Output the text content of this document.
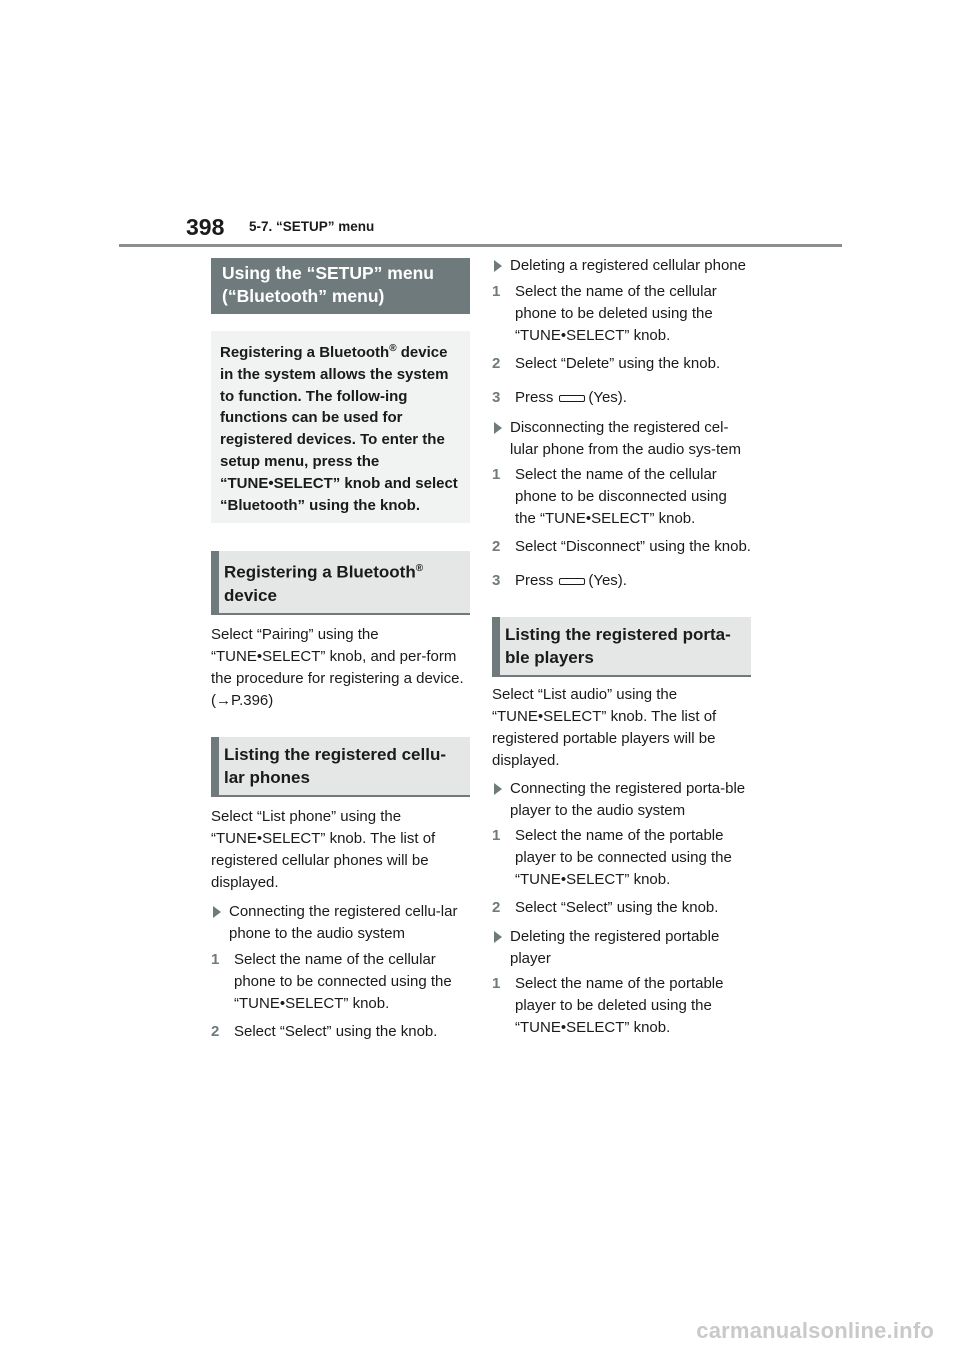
398 5-7. “SETUP” menu
Using the “SETUP” menu (“Bluetooth” menu)
Registering a Bluetooth® device in the system allows the system to function. The follow-ing functions can be used for registered devices. To enter the setup menu, press the “TUNE•SELECT” knob and select “Bluetooth” using the knob.
Registering a Bluetooth® device

Select “Pairing” using the “TUNE•SELECT” knob, and per-form the procedure for registering a device. (→P.396)

Listing the registered cellu-lar phones

Select “List phone” using the “TUNE•SELECT” knob. The list of registered cellular phones will be displayed.

Connecting the registered cellu-lar phone to the audio system
1 Select the name of the cellular phone to be connected using the “TUNE•SELECT” knob.
2 Select “Select” using the knob.
Deleting a registered cellular phone
1 Select the name of the cellular phone to be deleted using the “TUNE•SELECT” knob.
2 Select “Delete” using the knob.
3 Press (Yes).
Disconnecting the registered cel-lular phone from the audio sys-tem
1 Select the name of the cellular phone to be disconnected using the “TUNE•SELECT” knob.
2 Select “Disconnect” using the knob.
3 Press (Yes).
Listing the registered porta-ble players

Select “List audio” using the “TUNE•SELECT” knob. The list of registered portable players will be displayed.

Connecting the registered porta-ble player to the audio system
1 Select the name of the portable player to be connected using the “TUNE•SELECT” knob.
2 Select “Select” using the knob.
Deleting the registered portable player
1 Select the name of the portable player to be deleted using the “TUNE•SELECT” knob.
carmanualsonline.info
